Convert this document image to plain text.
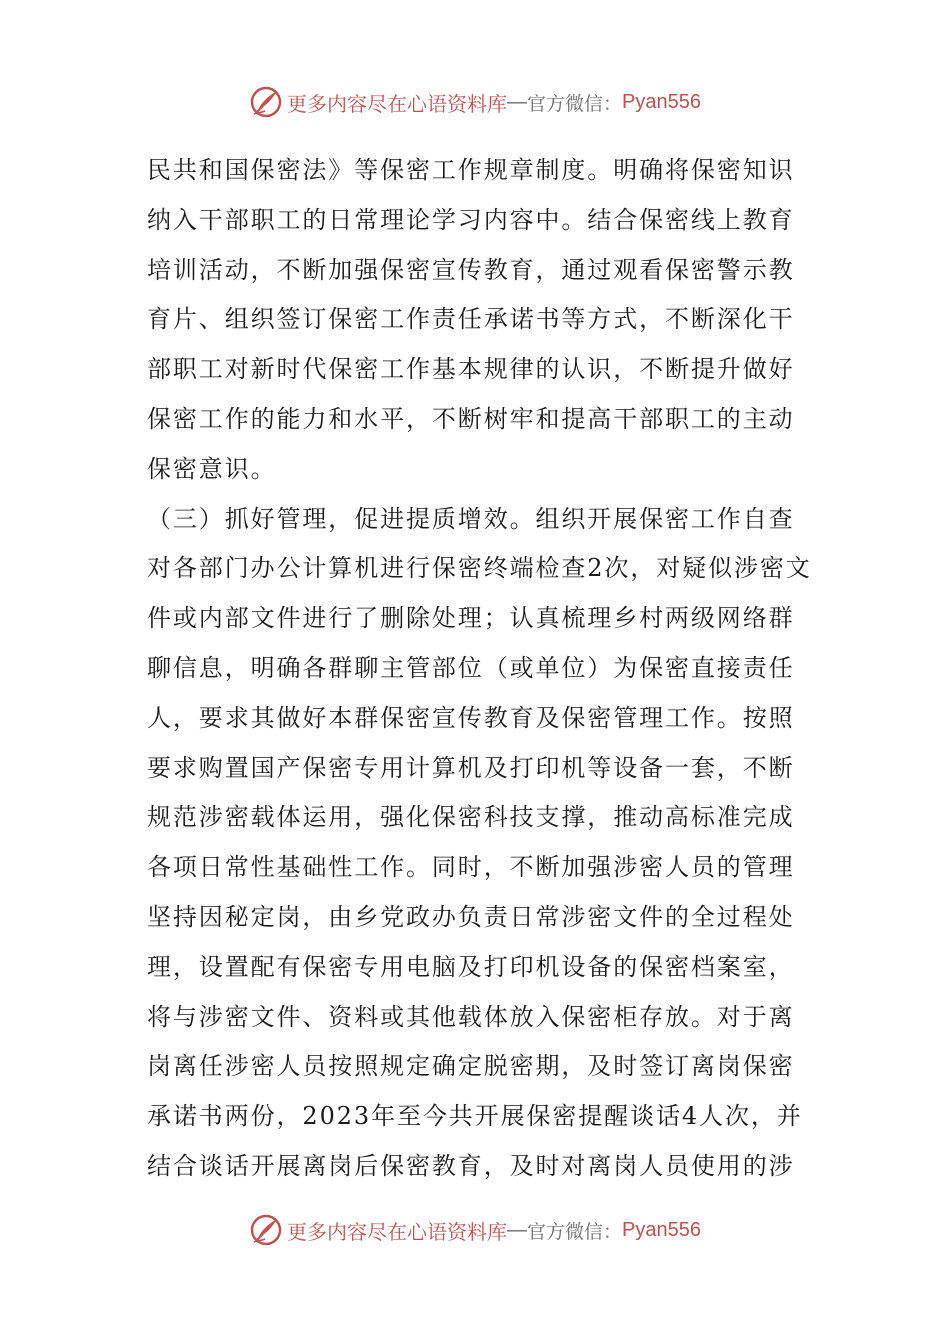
更多内容尽在心语资料库 — 官方微信： Pyan556
民共和国保密法》等保密工作规章制度。明确将保密知识
纳入干部职工的日常理论学习内容中。结合保密线上教育
培训活动，不断加强保密宣传教育，通过观看保密警示教
育片、组织签订保密工作责任承诺书等方式，不断深化干
部职工对新时代保密工作基本规律的认识，不断提升做好
保密工作的能力和水平，不断树牢和提高干部职工的主动
保密意识。
（三）抓好管理，促进提质增效。组织开展保密工作自查
对各部门办公计算机进行保密终端检查2次，对疑似涉密文
件或内部文件进行了删除处理；认真梳理乡村两级网络群
聊信息，明确各群聊主管部位（或单位）为保密直接责任
人，要求其做好本群保密宣传教育及保密管理工作。按照
要求购置国产保密专用计算机及打印机等设备一套，不断
规范涉密载体运用，强化保密科技支撑，推动高标准完成
各项日常性基础性工作。同时，不断加强涉密人员的管理
坚持因秘定岗，由乡党政办负责日常涉密文件的全过程处
理，设置配有保密专用电脑及打印机设备的保密档案室，
将与涉密文件、资料或其他载体放入保密柜存放。对于离
岗离任涉密人员按照规定确定脱密期，及时签订离岗保密
承诺书两份，2023年至今共开展保密提醒谈话4人次，并
结合谈话开展离岗后保密教育，及时对离岗人员使用的涉
更多内容尽在心语资料库 — 官方微信： Pyan556
